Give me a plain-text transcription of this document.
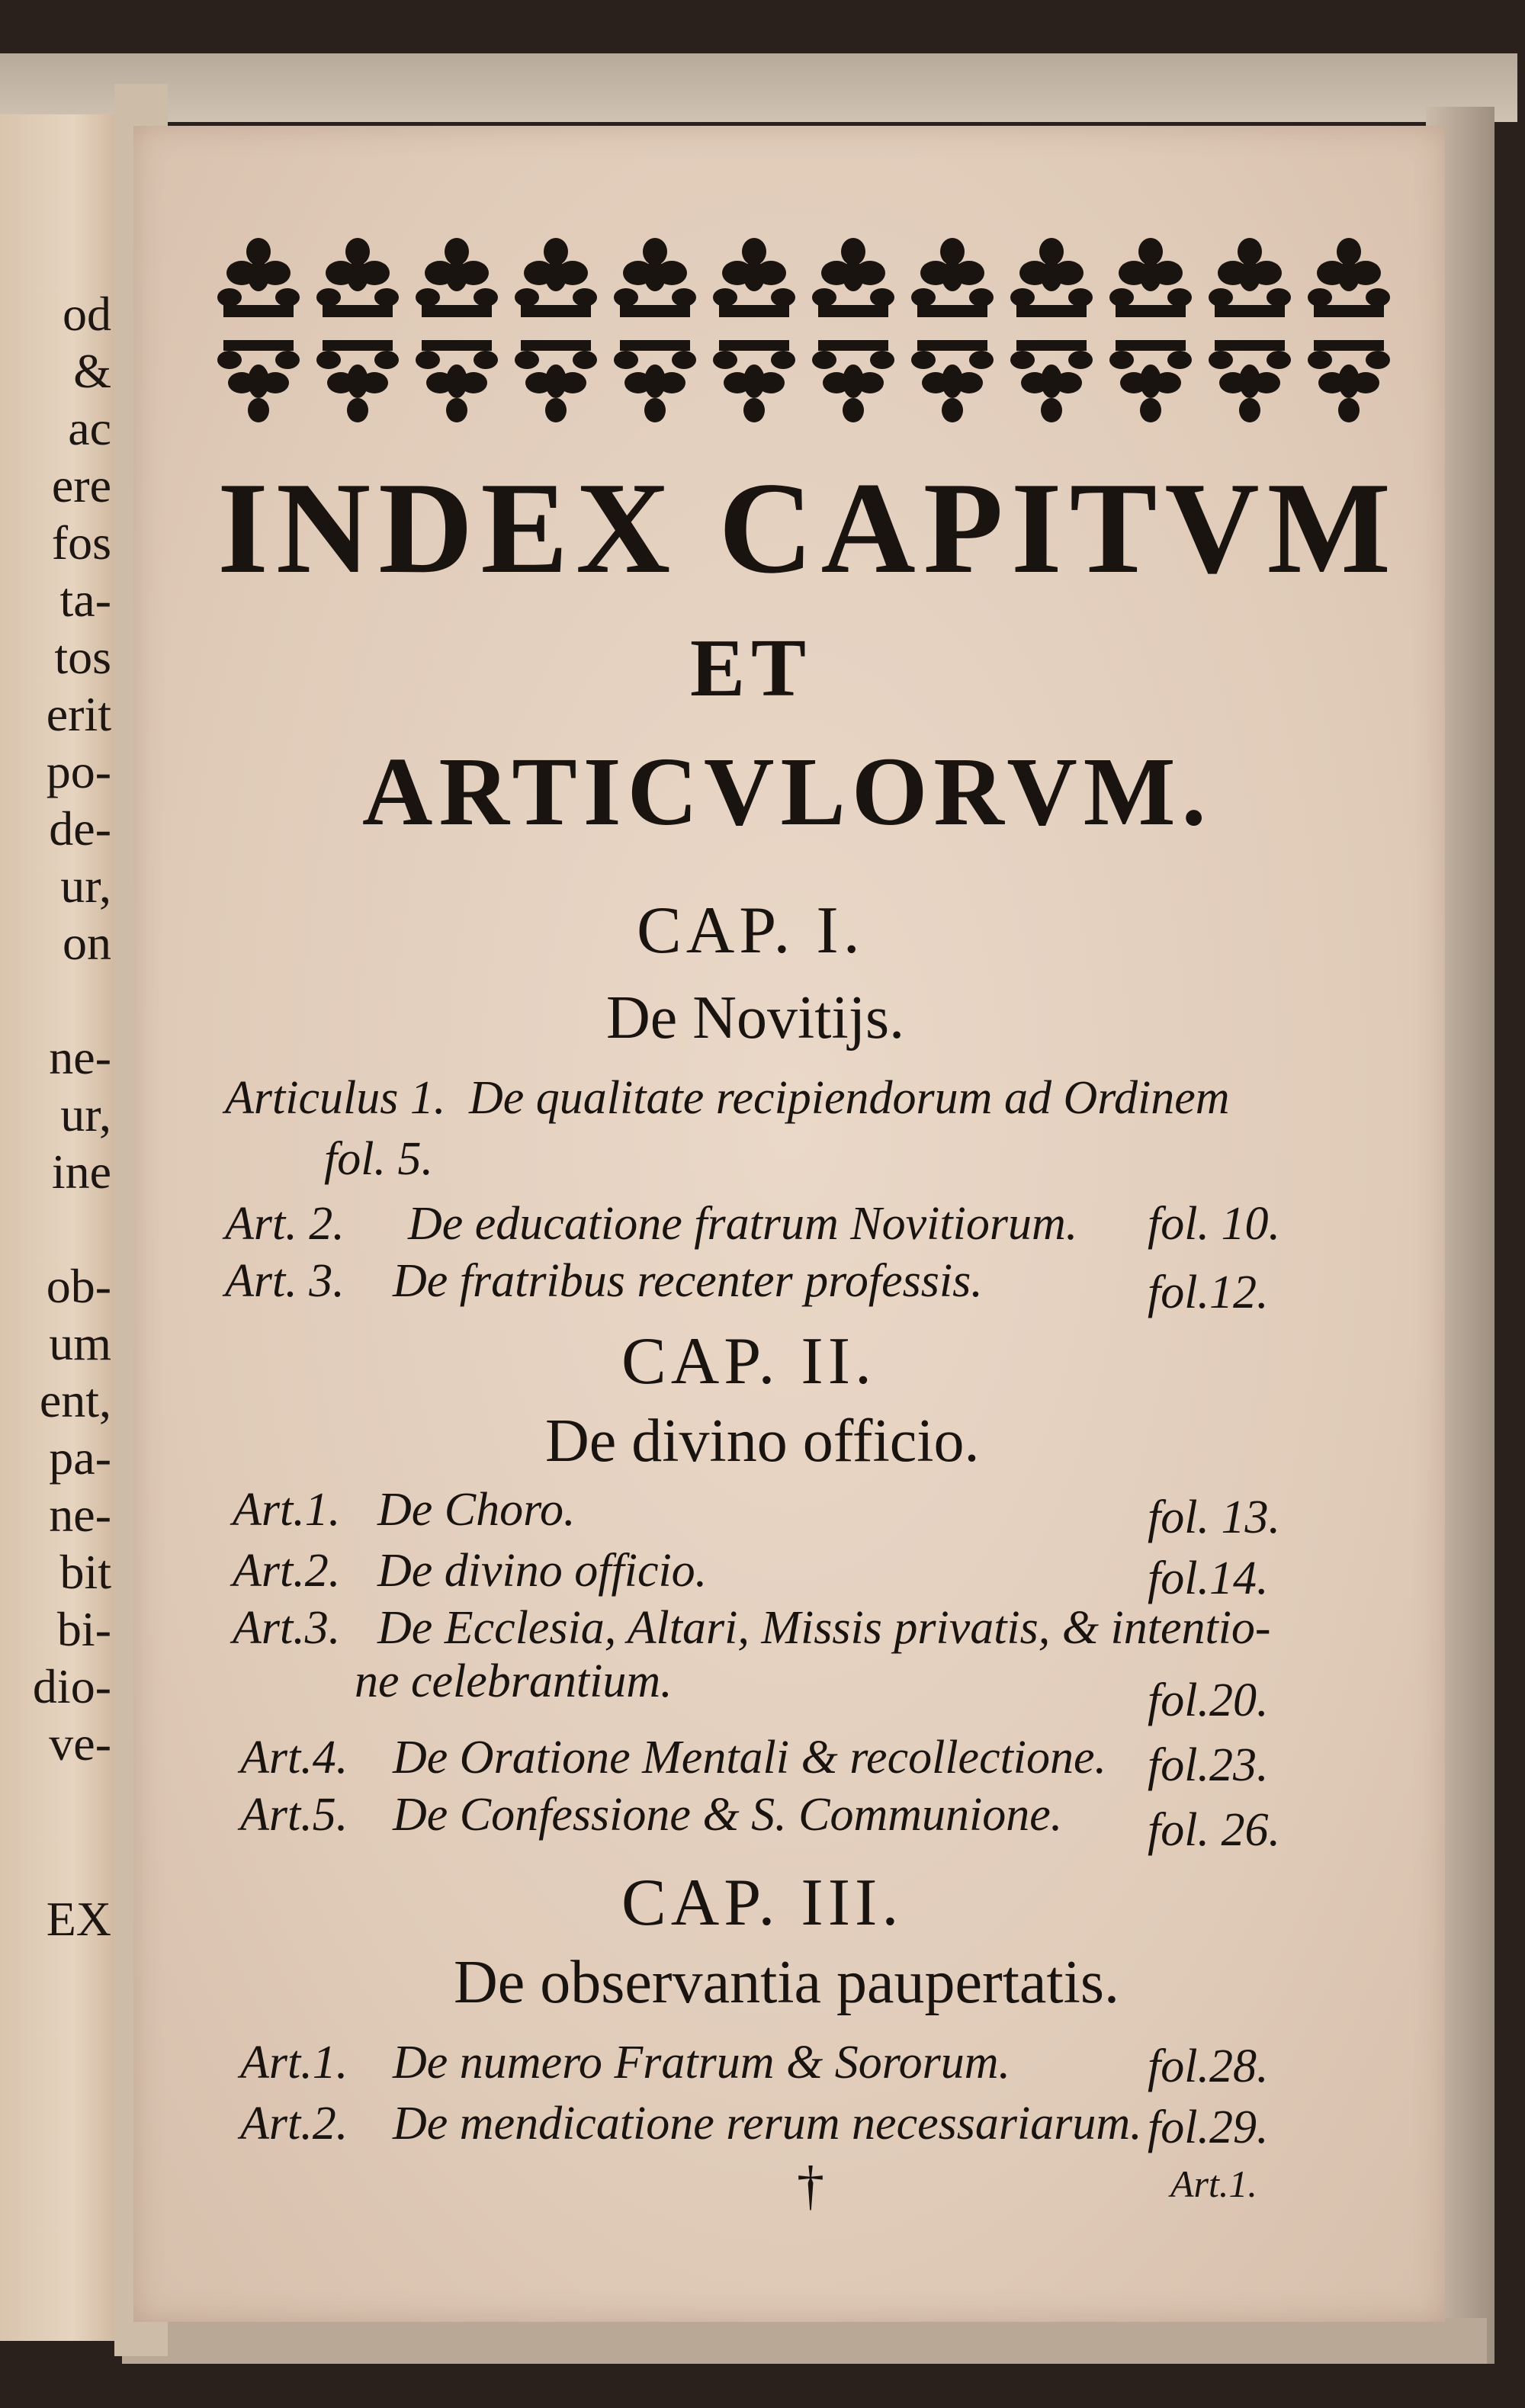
od
&
ac
ere
fos
ta-
tos
erit
po-
de-
ur,
on
ne-
ur,
ine
ob-
um
ent,
pa-
ne-
bit
bi-
dio-
ve-
EX
INDEX CAPITVM
ET
ARTICVLORVM.
CAP. I.
De Novitijs.
Articulus 1. De qualitate recipiendorum ad Ordinem
fol. 5.
Art. 2. De educatione fratrum Novitiorum. fol. 10.
Art. 3. De fratribus recenter professis.	fol.12.
CAP. II.
De divino officio.
Art.1. De Choro.	fol. 13.
Art.2. De divino officio.	fol.14.
Art.3. De Ecclesia, Altari, Missis privatis, & intentio-
ne celebrantium.	fol.20.
Art.4. De Oratione Mentali & recollectione. fol.23.
Art.5. De Confessione & S. Communione. fol. 26.
CAP. III.
De observantia paupertatis.
Art.1. De numero Fratrum & Sororum.	fol.28.
Art.2. De mendicatione rerum necessariarum. fol.29.
†	Art.1.
